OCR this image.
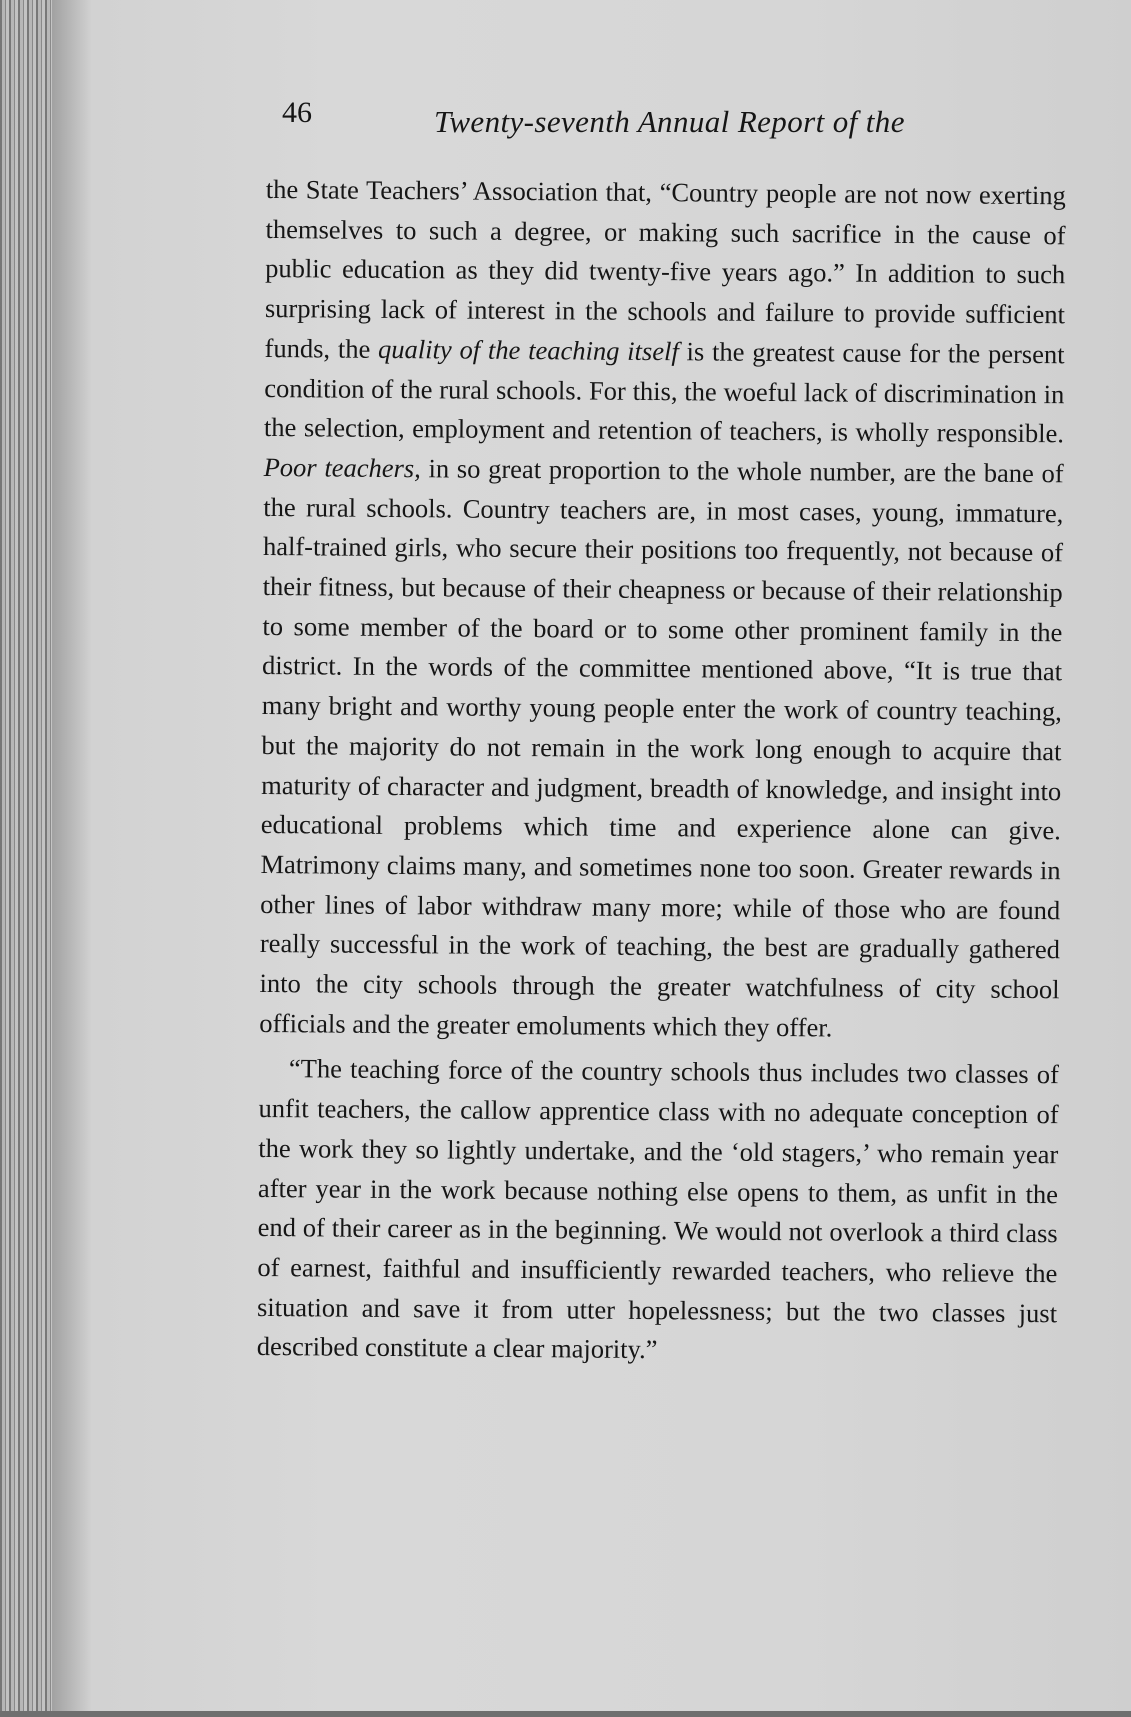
46	Twenty-seventh Annual Report of the

the State Teachers’ Association that, “Country people are not now exerting themselves to such a degree, or making such sacrifice in the cause of public education as they did twenty-five years ago.” In addition to such surprising lack of interest in the schools and failure to provide sufficient funds, the quality of the teaching itself is the greatest cause for the persent condition of the rural schools. For this, the woeful lack of discrimination in the selection, employment and retention of teachers, is wholly responsible. Poor teachers, in so great proportion to the whole number, are the bane of the rural schools. Country teachers are, in most cases, young, immature, half-trained girls, who secure their positions too frequently, not because of their fitness, but because of their cheapness or because of their relationship to some member of the board or to some other prominent family in the district. In the words of the committee mentioned above, “It is true that many bright and worthy young people enter the work of country teaching, but the majority do not remain in the work long enough to acquire that maturity of character and judgment, breadth of knowledge, and insight into educational problems which time and experience alone can give. Matrimony claims many, and sometimes none too soon. Greater rewards in other lines of labor withdraw many more; while of those who are found really successful in the work of teaching, the best are gradually gathered into the city schools through the greater watchfulness of city school officials and the greater emoluments which they offer.

“The teaching force of the country schools thus includes two classes of unfit teachers, the callow apprentice class with no adequate conception of the work they so lightly undertake, and the ‘old stagers,’ who remain year after year in the work because nothing else opens to them, as unfit in the end of their career as in the beginning. We would not overlook a third class of earnest, faithful and insufficiently rewarded teachers, who relieve the situation and save it from utter hopelessness; but the two classes just described constitute a clear majority.”
